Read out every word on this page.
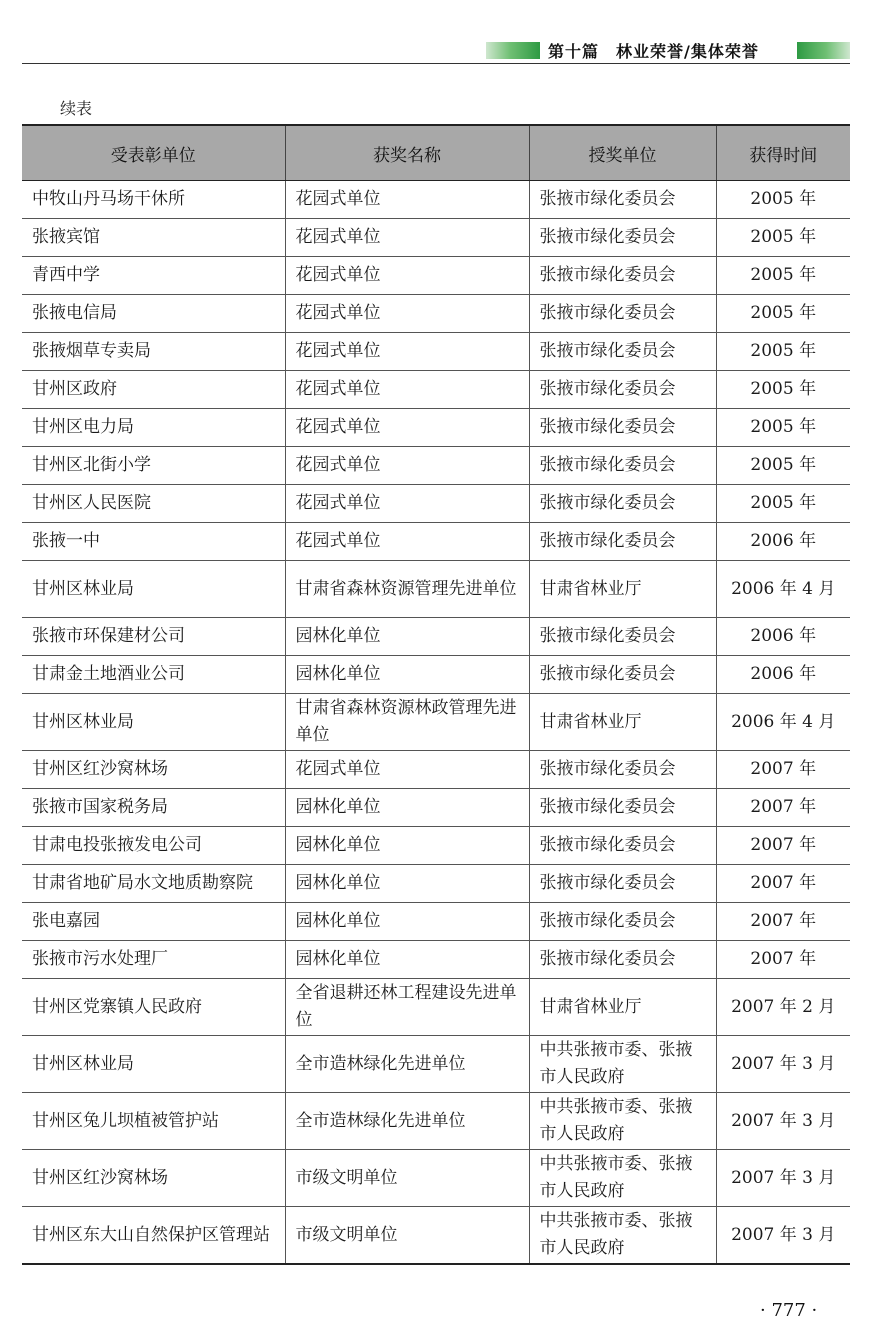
第十篇　林业荣誉/集体荣誉
续表
受表彰单位	获奖名称	授奖单位	获得时间
中牧山丹马场干休所	花园式单位	张掖市绿化委员会	2005 年
张掖宾馆	花园式单位	张掖市绿化委员会	2005 年
青西中学	花园式单位	张掖市绿化委员会	2005 年
张掖电信局	花园式单位	张掖市绿化委员会	2005 年
张掖烟草专卖局	花园式单位	张掖市绿化委员会	2005 年
甘州区政府	花园式单位	张掖市绿化委员会	2005 年
甘州区电力局	花园式单位	张掖市绿化委员会	2005 年
甘州区北街小学	花园式单位	张掖市绿化委员会	2005 年
甘州区人民医院	花园式单位	张掖市绿化委员会	2005 年
张掖一中	花园式单位	张掖市绿化委员会	2006 年
甘州区林业局	甘肃省森林资源管理先进单位	甘肃省林业厅	2006 年 4 月
张掖市环保建材公司	园林化单位	张掖市绿化委员会	2006 年
甘肃金土地酒业公司	园林化单位	张掖市绿化委员会	2006 年
甘州区林业局	甘肃省森林资源林政管理先进单位	甘肃省林业厅	2006 年 4 月
甘州区红沙窝林场	花园式单位	张掖市绿化委员会	2007 年
张掖市国家税务局	园林化单位	张掖市绿化委员会	2007 年
甘肃电投张掖发电公司	园林化单位	张掖市绿化委员会	2007 年
甘肃省地矿局水文地质勘察院	园林化单位	张掖市绿化委员会	2007 年
张电嘉园	园林化单位	张掖市绿化委员会	2007 年
张掖市污水处理厂	园林化单位	张掖市绿化委员会	2007 年
甘州区党寨镇人民政府	全省退耕还林工程建设先进单位	甘肃省林业厅	2007 年 2 月
甘州区林业局	全市造林绿化先进单位	中共张掖市委、张掖市人民政府	2007 年 3 月
甘州区兔儿坝植被管护站	全市造林绿化先进单位	中共张掖市委、张掖市人民政府	2007 年 3 月
甘州区红沙窝林场	市级文明单位	中共张掖市委、张掖市人民政府	2007 年 3 月
甘州区东大山自然保护区管理站	市级文明单位	中共张掖市委、张掖市人民政府	2007 年 3 月
· 777 ·
